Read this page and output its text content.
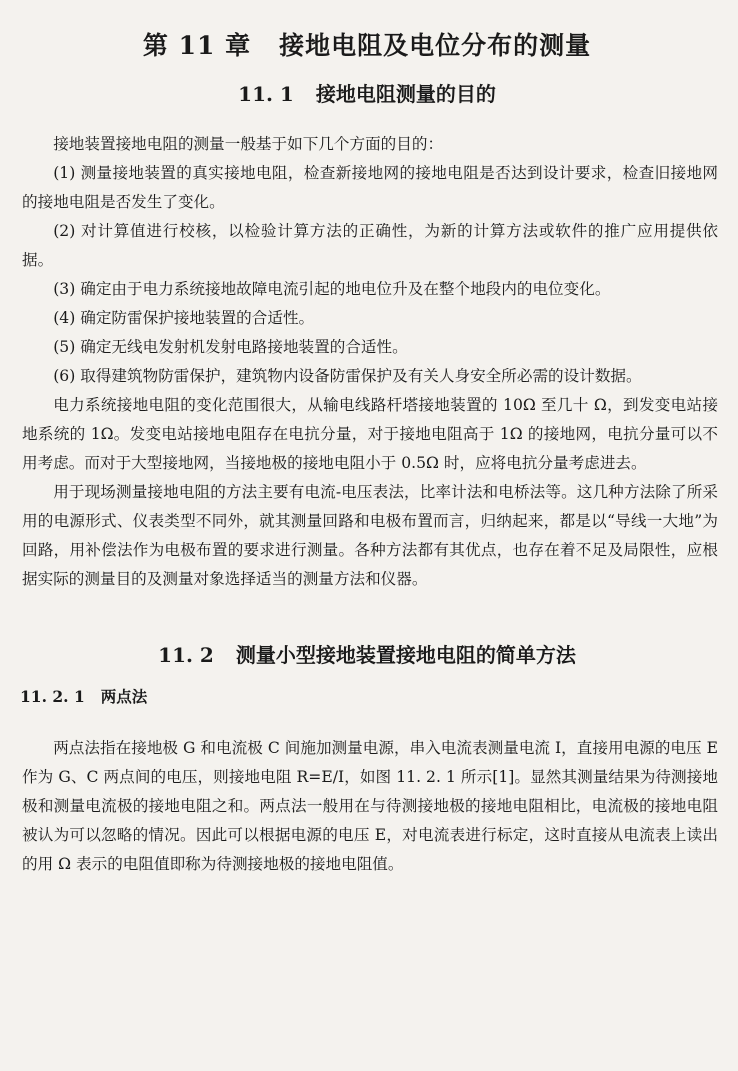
第 11 章 接地电阻及电位分布的测量
11. 1 接地电阻测量的目的

接地装置接地电阻的测量一般基于如下几个方面的目的：

(1) 测量接地装置的真实接地电阻，检查新接地网的接地电阻是否达到设计要求，检查旧接地网的接地电阻是否发生了变化。

(2) 对计算值进行校核，以检验计算方法的正确性，为新的计算方法或软件的推广应用提供依据。

(3) 确定由于电力系统接地故障电流引起的地电位升及在整个地段内的电位变化。

(4) 确定防雷保护接地装置的合适性。

(5) 确定无线电发射机发射电路接地装置的合适性。

(6) 取得建筑物防雷保护，建筑物内设备防雷保护及有关人身安全所必需的设计数据。

电力系统接地电阻的变化范围很大，从输电线路杆塔接地装置的 10Ω 至几十 Ω，到发变电站接地系统的 1Ω。发变电站接地电阻存在电抗分量，对于接地电阻高于 1Ω 的接地网，电抗分量可以不用考虑。而对于大型接地网，当接地极的接地电阻小于 0.5Ω 时，应将电抗分量考虑进去。

用于现场测量接地电阻的方法主要有电流-电压表法，比率计法和电桥法等。这几种方法除了所采用的电源形式、仪表类型不同外，就其测量回路和电极布置而言，归纳起来，都是以“导线一大地”为回路，用补偿法作为电极布置的要求进行测量。各种方法都有其优点，也存在着不足及局限性，应根据实际的测量目的及测量对象选择适当的测量方法和仪器。

11. 2 测量小型接地装置接地电阻的简单方法
11. 2. 1 两点法

两点法指在接地极 G 和电流极 C 间施加测量电源，串入电流表测量电流 I，直接用电源的电压 E 作为 G、C 两点间的电压，则接地电阻 R=E/I，如图 11. 2. 1 所示[1]。显然其测量结果为待测接地极和测量电流极的接地电阻之和。两点法一般用在与待测接地极的接地电阻相比，电流极的接地电阻被认为可以忽略的情况。因此可以根据电源的电压 E，对电流表进行标定，这时直接从电流表上读出的用 Ω 表示的电阻值即称为待测接地极的接地电阻值。
